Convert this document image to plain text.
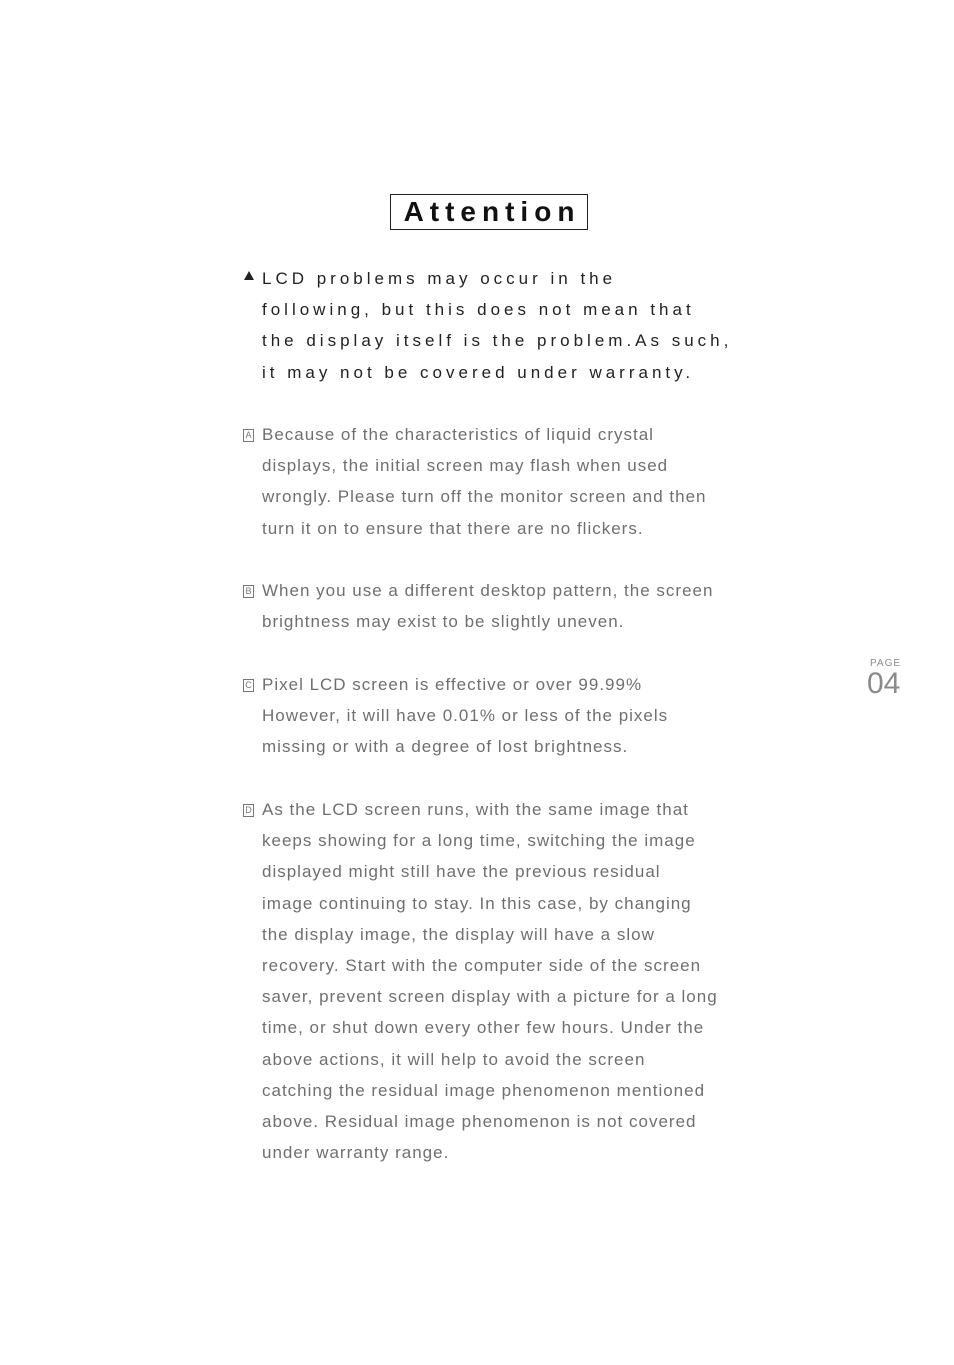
Attention
LCD problems may occur in the
following, but this does not mean that
the display itself is the problem.As such,
it may not be covered under warranty.
A Because of the characteristics of liquid crystal
displays, the initial screen may flash when used
wrongly. Please turn off the monitor screen and then
turn it on to ensure that there are no flickers.
B When you use a different desktop pattern, the screen
brightness may exist to be slightly uneven.
C Pixel LCD screen is effective or over 99.99%
However, it will have 0.01% or less of the pixels
missing or with a degree of lost brightness.
D As the LCD screen runs, with the same image that
keeps showing for a long time, switching the image
displayed might still have the previous residual
image continuing to stay. In this case, by changing
the display image, the display will have a slow
recovery. Start with the computer side of the screen
saver, prevent screen display with a picture for a long
time, or shut down every other few hours. Under the
above actions, it will help to avoid the screen
catching the residual image phenomenon mentioned
above. Residual image phenomenon is not covered
under warranty range.
PAGE
04
